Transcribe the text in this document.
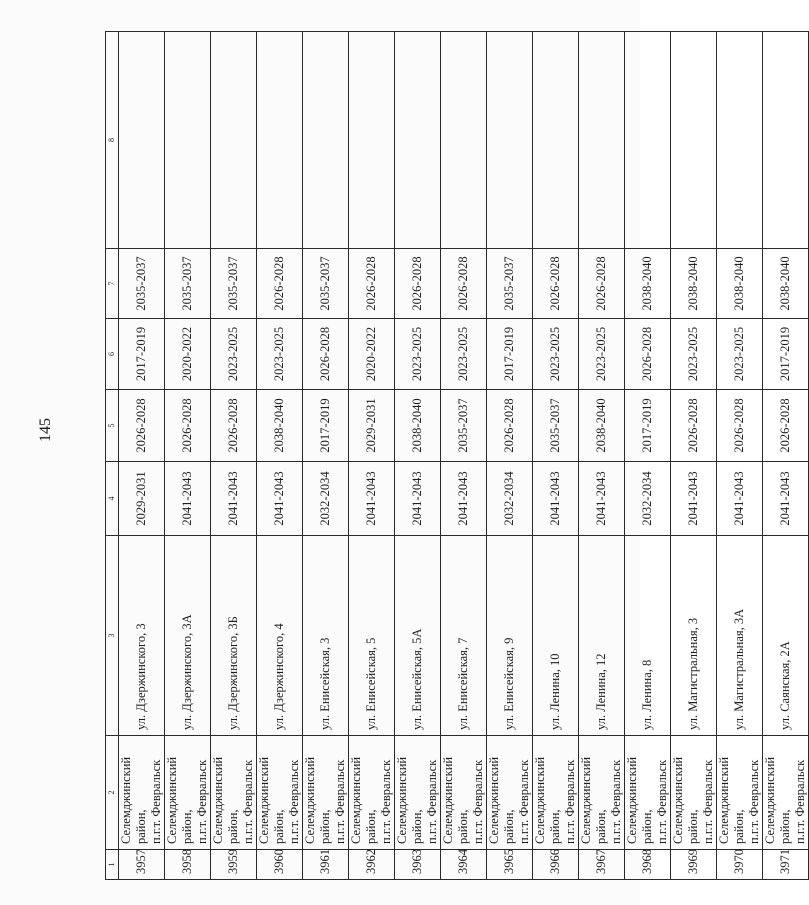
145
1	2	3	4	5	6	7	8
3957	Селемджинский район, п.г.т. Февральск	ул. Дзержинского, 3	2029-2031	2026-2028	2017-2019	2035-2037	
3958	Селемджинский район, п.г.т. Февральск	ул. Дзержинского, 3А	2041-2043	2026-2028	2020-2022	2035-2037	
3959	Селемджинский район, п.г.т. Февральск	ул. Дзержинского, 3Б	2041-2043	2026-2028	2023-2025	2035-2037	
3960	Селемджинский район, п.г.т. Февральск	ул. Дзержинского, 4	2041-2043	2038-2040	2023-2025	2026-2028	
3961	Селемджинский район, п.г.т. Февральск	ул. Енисейская, 3	2032-2034	2017-2019	2026-2028	2035-2037	
3962	Селемджинский район, п.г.т. Февральск	ул. Енисейская, 5	2041-2043	2029-2031	2020-2022	2026-2028	
3963	Селемджинский район, п.г.т. Февральск	ул. Енисейская, 5А	2041-2043	2038-2040	2023-2025	2026-2028	
3964	Селемджинский район, п.г.т. Февральск	ул. Енисейская, 7	2041-2043	2035-2037	2023-2025	2026-2028	
3965	Селемджинский район, п.г.т. Февральск	ул. Енисейская, 9	2032-2034	2026-2028	2017-2019	2035-2037	
3966	Селемджинский район, п.г.т. Февральск	ул. Ленина, 10	2041-2043	2035-2037	2023-2025	2026-2028	
3967	Селемджинский район, п.г.т. Февральск	ул. Ленина, 12	2041-2043	2038-2040	2023-2025	2026-2028	
3968	Селемджинский район, п.г.т. Февральск	ул. Ленина, 8	2032-2034	2017-2019	2026-2028	2038-2040	
3969	Селемджинский район, п.г.т. Февральск	ул. Магистральная, 3	2041-2043	2026-2028	2023-2025	2038-2040	
3970	Селемджинский район, п.г.т. Февральск	ул. Магистральная, 3А	2041-2043	2026-2028	2023-2025	2038-2040	
3971	Селемджинский район, п.г.т. Февральск	ул. Саянская, 2А	2041-2043	2026-2028	2017-2019	2038-2040	
